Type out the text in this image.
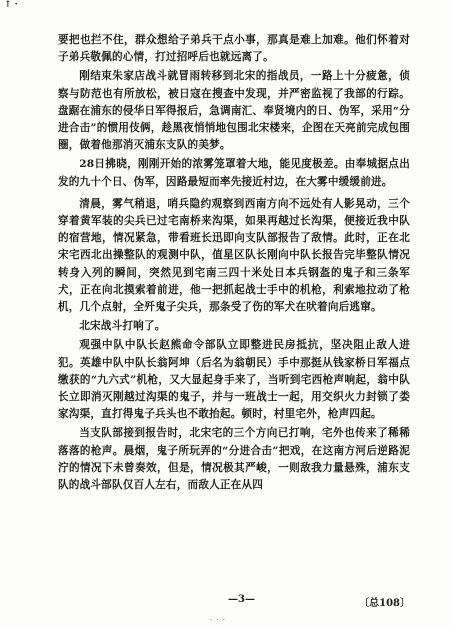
↑ ·

要把也拦不住，群众想给子弟兵干点小事，那真是难上加难。他们怀着对子弟兵敬佩的心情，打过招呼后也就远离了。

刚结束朱家店战斗就冒雨转移到北宋的指战员，一路上十分疲惫，侦察与防范也有所放松，被日寇在搜查中发现，并严密监视了我部的行踪。盘踞在浦东的侵华日军得报后，急调南汇、奉贤境内的日、伪军，采用“分进合击”的惯用伎俩，趁黑夜悄悄地包围北宋楼来，企图在天亮前完成包围圈，做着他那消灭浦东支队的美梦。

28日拂晓，刚刚开始的浓雾笼罩着大地，能见度极差。由奉城据点出发的九十个日、伪军，因路最短而率先接近村边，在大雾中缓缓前进。

清晨，雾气稍退，哨兵隐约观察到西南方向不远处有人影晃动，三个穿着黄军装的尖兵已过宅南桥来沟渠，如果再越过长沟渠，便接近我中队的宿营地，情况紧急，带看班长迅即向支队部报告了敌情。此时，正在北宋宅西北出操整队的观测中队，值星区队长刚向中队长报告完毕整队情况转身入列的瞬间，突然见到宅南三四十米处日本兵钢盔的鬼子和三条军犬，正在向北摸索着前进，他一把抓起战士手中的机枪，利索地拉动了枪机，几个点射，全歼鬼子尖兵，那条受了伤的军犬在吠着向后逃窜。

北宋战斗打响了。

观强中队中队长赵熊命令部队立即整进民房抵抗，坚决阻止敌人进犯。英雄中队中队长翁阿坤（后名为翁朝民）手中那挺从钱家桥日军福点缴获的“九六式”机枪，又大显起身手来了，当听到宅西枪声响起，翁中队长立即消灭刚越过沟渠的鬼子，并与一班战士一起，用交织火力封锁了娄家沟渠，直打得鬼子兵头也不敢抬起。顿时，村里宅外，枪声四起。

当支队部接到报告时，北宋宅的三个方向已打响，宅外也传来了稀稀落落的枪声。晨烟，鬼子所玩弄的“分进合击”把戏，在这南方河后逆路泥泞的情况下未曾奏效，但是，情况极其严峻，一则敌我力量悬殊，浦东支队的战斗部队仅百人左右，而敌人正在从四

—3—	〔总108〕
· · ·
